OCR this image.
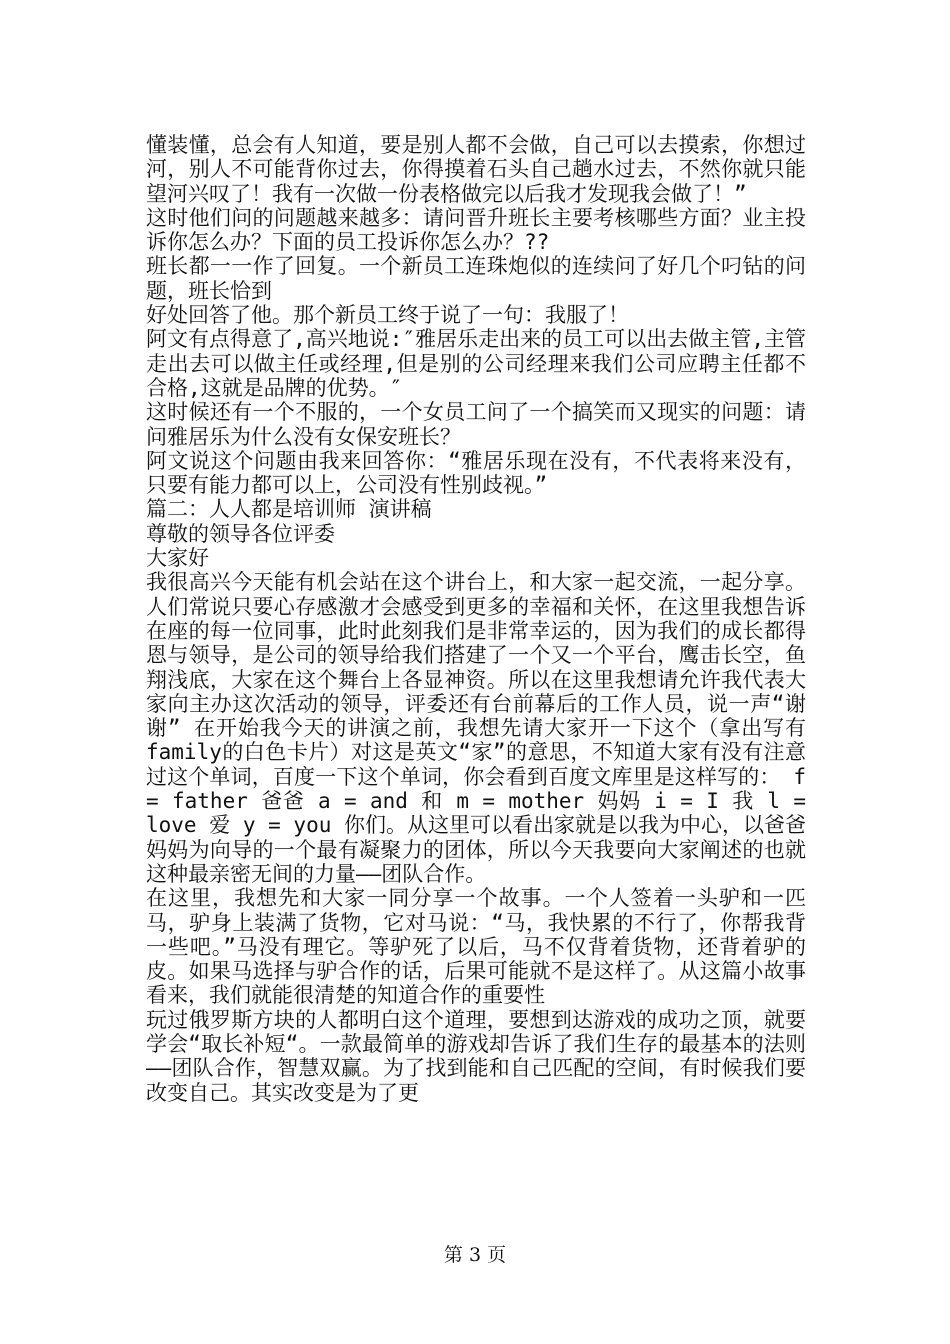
懂装懂，总会有人知道，要是别人都不会做，自己可以去摸索，你想过河，别人不可能背你过去，你得摸着石头自己趟水过去，不然你就只能望河兴叹了！我有一次做一份表格做完以后我才发现我会做了！”

这时他们问的问题越来越多：请问晋升班长主要考核哪些方面？业主投诉你怎么办？下面的员工投诉你怎么办？??

班长都一一作了回复。一个新员工连珠炮似的连续问了好几个叼钻的问题，班长恰到

好处回答了他。那个新员工终于说了一句：我服了！

阿文有点得意了,高兴地说:″雅居乐走出来的员工可以出去做主管,主管走出去可以做主任或经理,但是别的公司经理来我们公司应聘主任都不合格,这就是品牌的优势。″

这时候还有一个不服的，一个女员工问了一个搞笑而又现实的问题：请问雅居乐为什么没有女保安班长？

阿文说这个问题由我来回答你：“雅居乐现在没有，不代表将来没有，只要有能力都可以上，公司没有性别歧视。”

篇二：人人都是培训师 演讲稿

尊敬的领导各位评委

大家好

我很高兴今天能有机会站在这个讲台上，和大家一起交流，一起分享。人们常说只要心存感激才会感受到更多的幸福和关怀，在这里我想告诉在座的每一位同事，此时此刻我们是非常幸运的，因为我们的成长都得恩与领导，是公司的领导给我们搭建了一个又一个平台，鹰击长空，鱼翔浅底，大家在这个舞台上各显神资。所以在这里我想请允许我代表大家向主办这次活动的领导，评委还有台前幕后的工作人员，说一声“谢谢” 在开始我今天的讲演之前，我想先请大家开一下这个（拿出写有family的白色卡片）对这是英文“家”的意思，不知道大家有没有注意过这个单词，百度一下这个单词，你会看到百度文库里是这样写的： f = father 爸爸 a = and 和 m = mother 妈妈 i = I 我 l = love 爱 y = you 你们。从这里可以看出家就是以我为中心，以爸爸妈妈为向导的一个最有凝聚力的团体，所以今天我要向大家阐述的也就这种最亲密无间的力量——团队合作。

在这里，我想先和大家一同分享一个故事。一个人签着一头驴和一匹马，驴身上装满了货物，它对马说：“马，我快累的不行了，你帮我背一些吧。”马没有理它。等驴死了以后，马不仅背着货物，还背着驴的皮。如果马选择与驴合作的话，后果可能就不是这样了。从这篇小故事看来，我们就能很清楚的知道合作的重要性

玩过俄罗斯方块的人都明白这个道理，要想到达游戏的成功之顶，就要学会“取长补短“。一款最简单的游戏却告诉了我们生存的最基本的法则——团队合作，智慧双赢。为了找到能和自己匹配的空间，有时候我们要改变自己。其实改变是为了更

第 3 页
